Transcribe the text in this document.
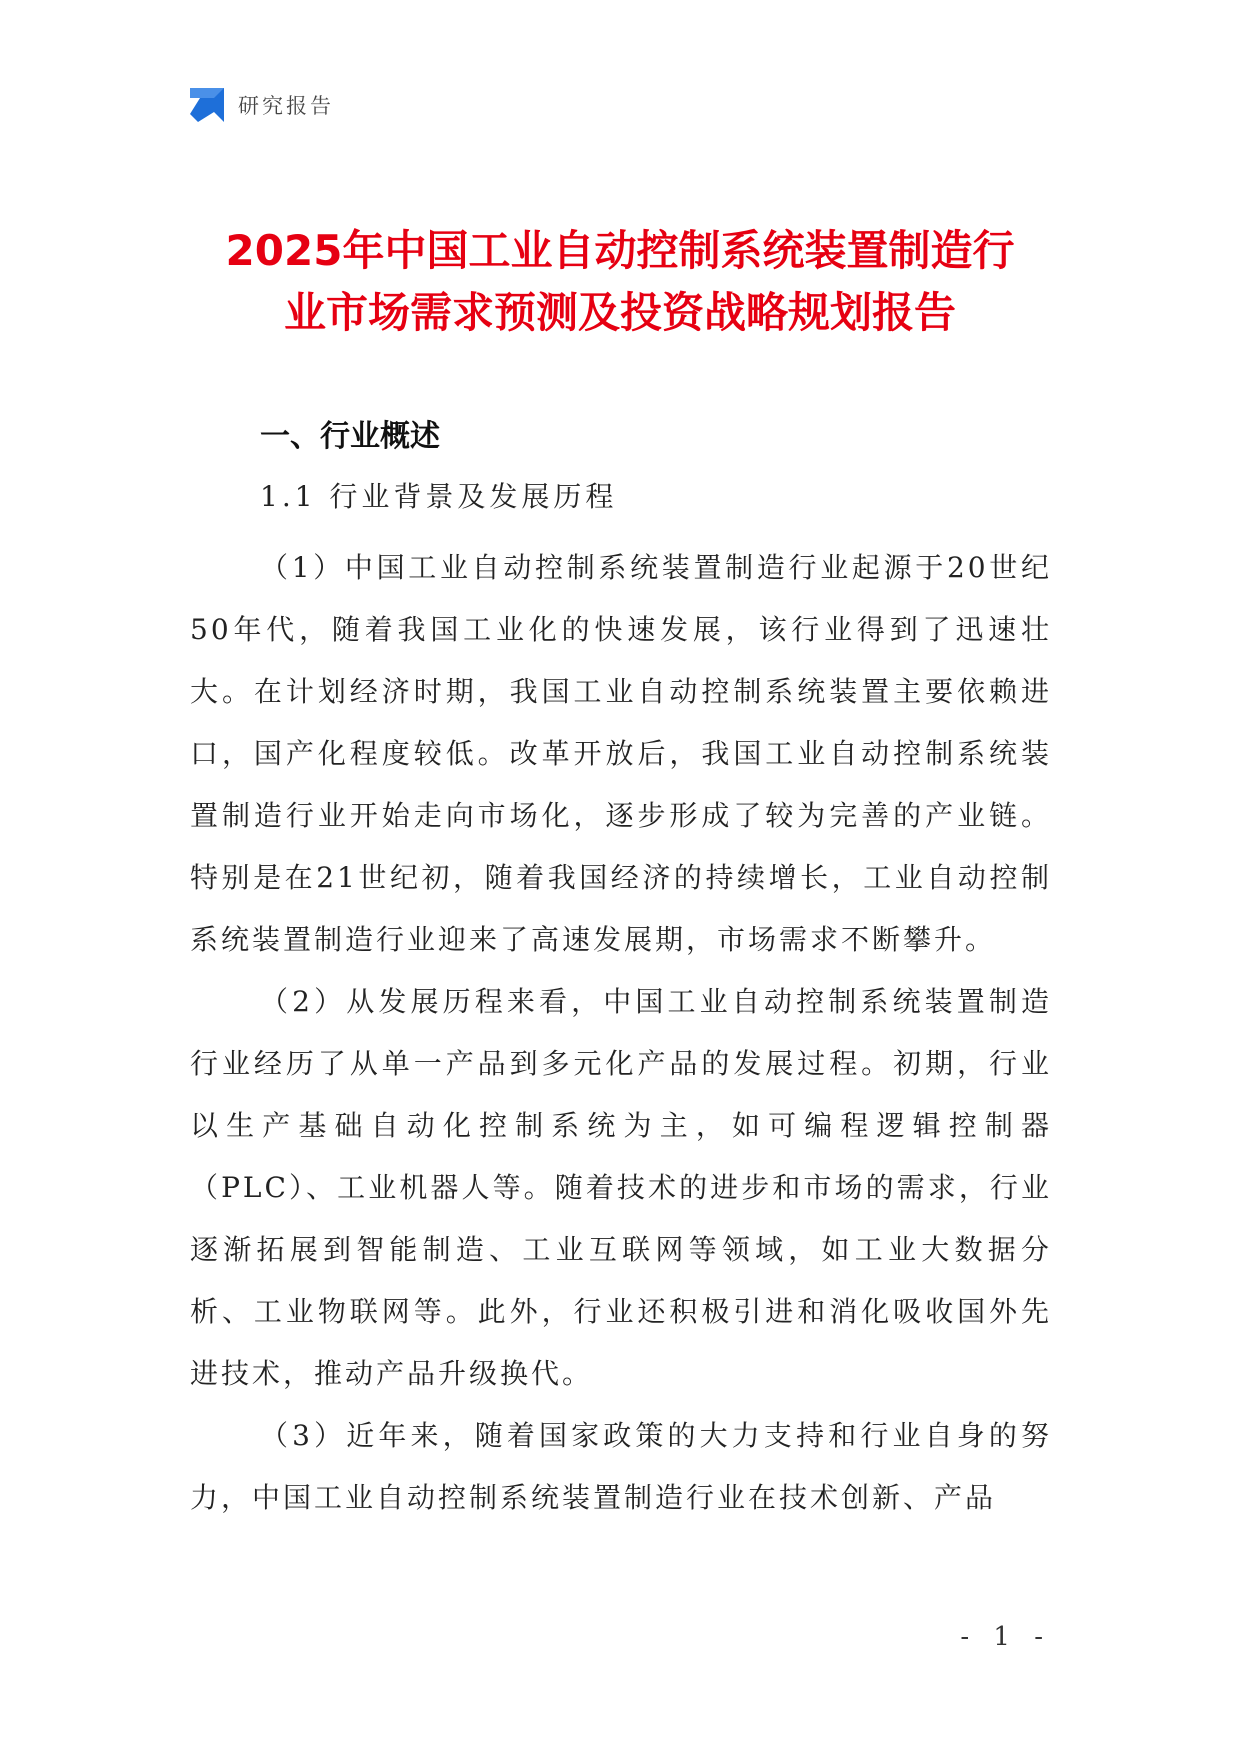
研究报告
2025年中国工业自动控制系统装置制造行
业市场需求预测及投资战略规划报告
一、行业概述
1.1 行业背景及发展历程

（1）中国工业自动控制系统装置制造行业起源于20世纪50年代，随着我国工业化的快速发展，该行业得到了迅速壮大。在计划经济时期，我国工业自动控制系统装置主要依赖进口，国产化程度较低。改革开放后，我国工业自动控制系统装置制造行业开始走向市场化，逐步形成了较为完善的产业链。特别是在21世纪初，随着我国经济的持续增长，工业自动控制系统装置制造行业迎来了高速发展期，市场需求不断攀升。

（2）从发展历程来看，中国工业自动控制系统装置制造行业经历了从单一产品到多元化产品的发展过程。初期，行业以生产基础自动化控制系统为主，如可编程逻辑控制器（PLC）、工业机器人等。随着技术的进步和市场的需求，行业逐渐拓展到智能制造、工业互联网等领域，如工业大数据分析、工业物联网等。此外，行业还积极引进和消化吸收国外先进技术，推动产品升级换代。

（3）近年来，随着国家政策的大力支持和行业自身的努力，中国工业自动控制系统装置制造行业在技术创新、产品

- 1 -
